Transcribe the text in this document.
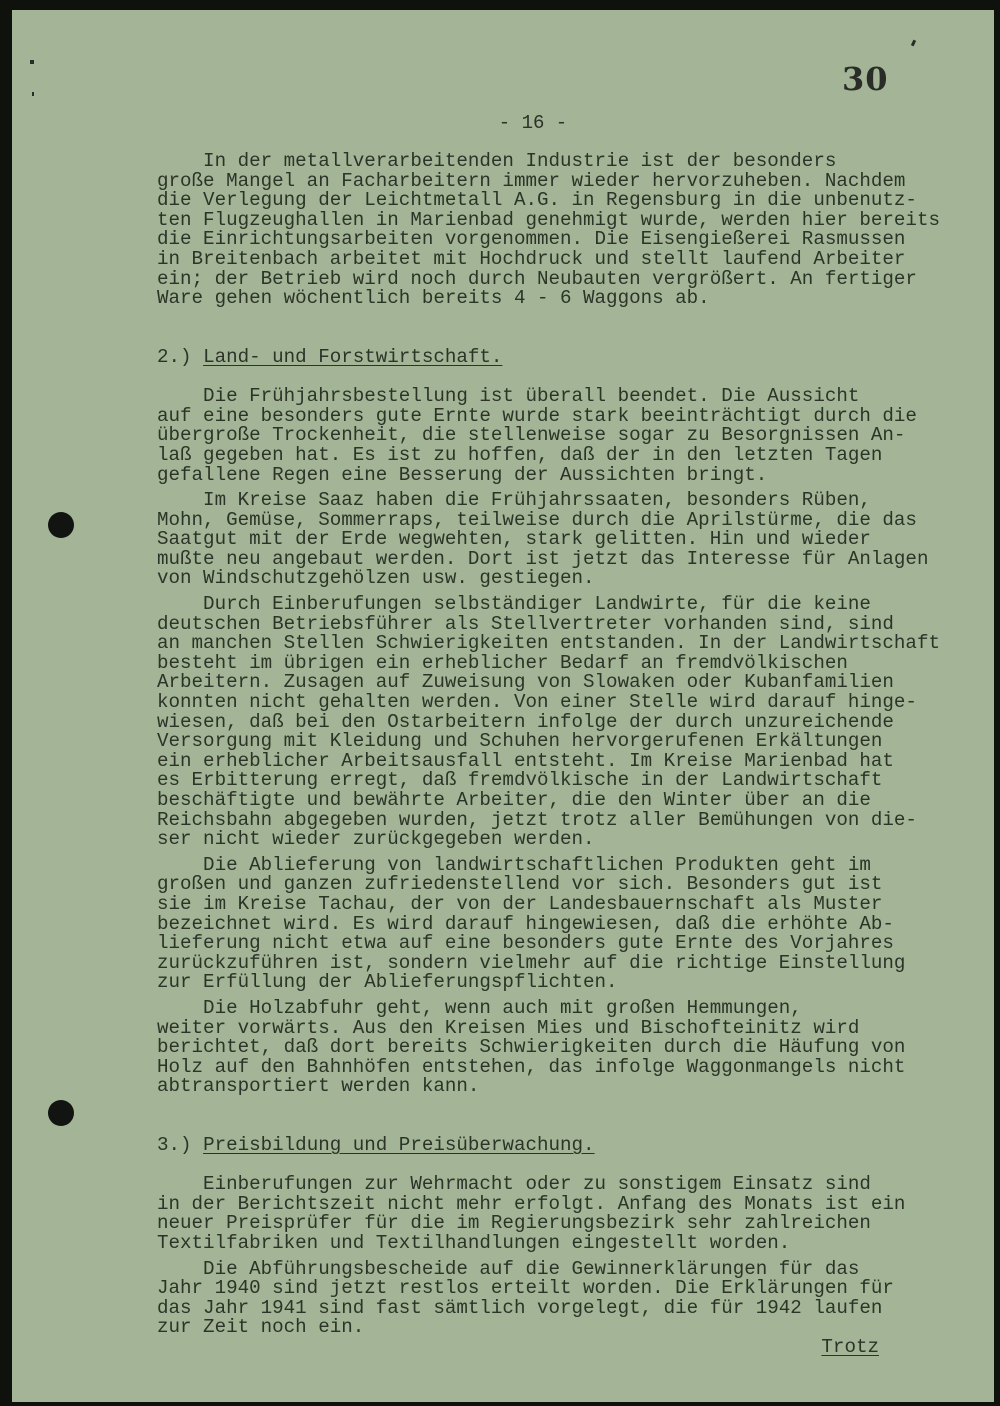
30
- 16 -
In der metallverarbeitenden Industrie ist der besonders
große Mangel an Facharbeitern immer wieder hervorzuheben. Nachdem
die Verlegung der Leichtmetall A.G. in Regensburg in die unbenutz-
ten Flugzeughallen in Marienbad genehmigt wurde, werden hier bereits
die Einrichtungsarbeiten vorgenommen. Die Eisengießerei Rasmussen
in Breitenbach arbeitet mit Hochdruck und stellt laufend Arbeiter
ein; der Betrieb wird noch durch Neubauten vergrößert. An fertiger
Ware gehen wöchentlich bereits 4 - 6 Waggons ab.
2.) Land- und Forstwirtschaft.
Die Frühjahrsbestellung ist überall beendet. Die Aussicht
auf eine besonders gute Ernte wurde stark beeinträchtigt durch die
übergroße Trockenheit, die stellenweise sogar zu Besorgnissen An-
laß gegeben hat. Es ist zu hoffen, daß der in den letzten Tagen
gefallene Regen eine Besserung der Aussichten bringt.
Im Kreise Saaz haben die Frühjahrssaaten, besonders Rüben,
Mohn, Gemüse, Sommerraps, teilweise durch die Aprilstürme, die das
Saatgut mit der Erde wegwehten, stark gelitten. Hin und wieder
mußte neu angebaut werden. Dort ist jetzt das Interesse für Anlagen
von Windschutzgehölzen usw. gestiegen.
Durch Einberufungen selbständiger Landwirte, für die keine
deutschen Betriebsführer als Stellvertreter vorhanden sind, sind
an manchen Stellen Schwierigkeiten entstanden. In der Landwirtschaft
besteht im übrigen ein erheblicher Bedarf an fremdvölkischen
Arbeitern. Zusagen auf Zuweisung von Slowaken oder Kubanfamilien
konnten nicht gehalten werden. Von einer Stelle wird darauf hinge-
wiesen, daß bei den Ostarbeitern infolge der durch unzureichende
Versorgung mit Kleidung und Schuhen hervorgerufenen Erkältungen
ein erheblicher Arbeitsausfall entsteht. Im Kreise Marienbad hat
es Erbitterung erregt, daß fremdvölkische in der Landwirtschaft
beschäftigte und bewährte Arbeiter, die den Winter über an die
Reichsbahn abgegeben wurden, jetzt trotz aller Bemühungen von die-
ser nicht wieder zurückgegeben werden.
Die Ablieferung von landwirtschaftlichen Produkten geht im
großen und ganzen zufriedenstellend vor sich. Besonders gut ist
sie im Kreise Tachau, der von der Landesbauernschaft als Muster
bezeichnet wird. Es wird darauf hingewiesen, daß die erhöhte Ab-
lieferung nicht etwa auf eine besonders gute Ernte des Vorjahres
zurückzuführen ist, sondern vielmehr auf die richtige Einstellung
zur Erfüllung der Ablieferungspflichten.
Die Holzabfuhr geht, wenn auch mit großen Hemmungen,
weiter vorwärts. Aus den Kreisen Mies und Bischofteinitz wird
berichtet, daß dort bereits Schwierigkeiten durch die Häufung von
Holz auf den Bahnhöfen entstehen, das infolge Waggonmangels nicht
abtransportiert werden kann.
3.) Preisbildung und Preisüberwachung.
Einberufungen zur Wehrmacht oder zu sonstigem Einsatz sind
in der Berichtszeit nicht mehr erfolgt. Anfang des Monats ist ein
neuer Preisprüfer für die im Regierungsbezirk sehr zahlreichen
Textilfabriken und Textilhandlungen eingestellt worden.
Die Abführungsbescheide auf die Gewinnerklärungen für das
Jahr 1940 sind jetzt restlos erteilt worden. Die Erklärungen für
das Jahr 1941 sind fast sämtlich vorgelegt, die für 1942 laufen
zur Zeit noch ein.
Trotz
